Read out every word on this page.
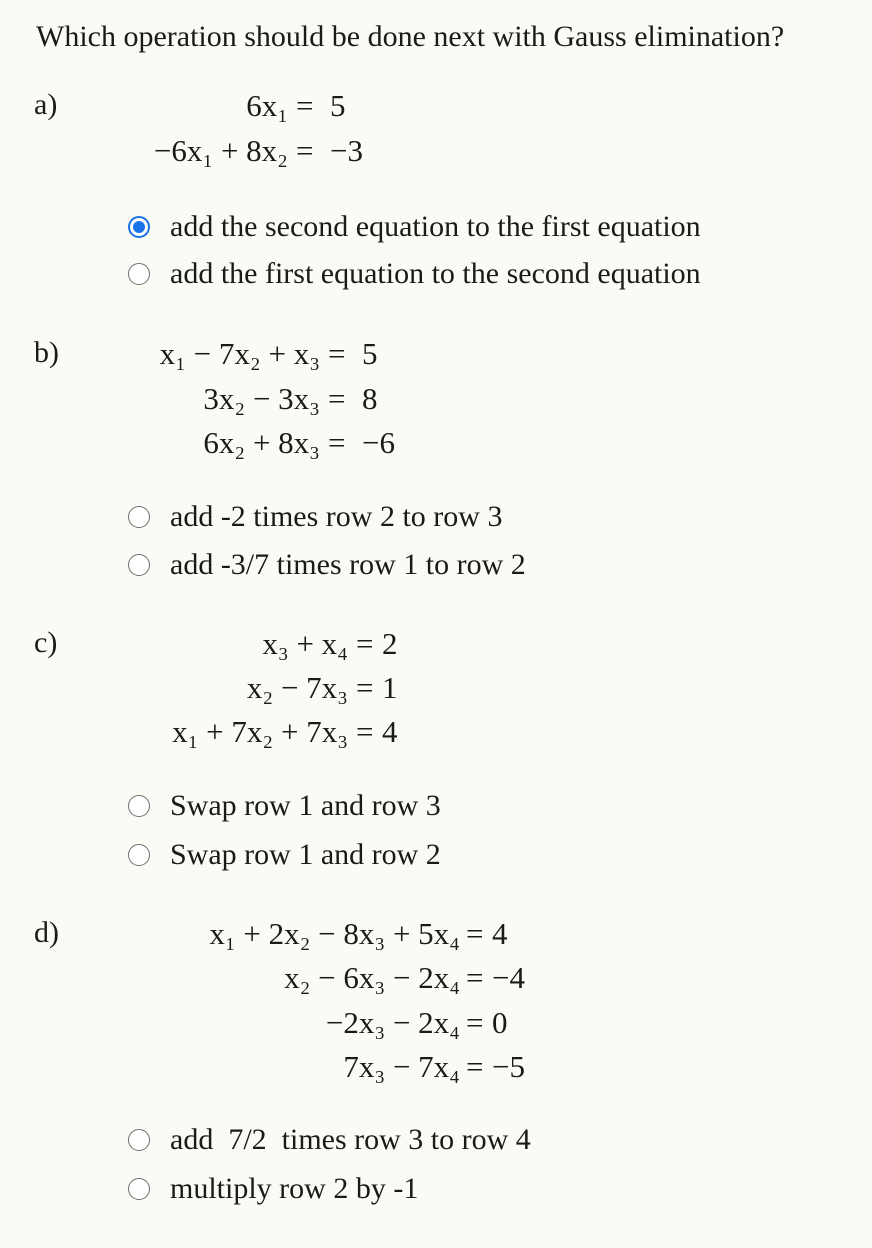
Which operation should be done next with Gauss elimination?
a)	6x₁ = 5
−6x₁ + 8x₂ = −3
add the second equation to the first equation
add the first equation to the second equation
b)	x₁ − 7x₂ + x₃ = 5
3x₂ − 3x₃ = 8
6x₂ + 8x₃ = −6
add -2 times row 2 to row 3
add -3/7 times row 1 to row 2
c)	x₃ + x₄ = 2
x₂ − 7x₃ = 1
x₁ + 7x₂ + 7x₃ = 4
Swap row 1 and row 3
Swap row 1 and row 2
d)	x₁ + 2x₂ − 8x₃ + 5x₄ = 4
x₂ − 6x₃ − 2x₄ = −4
−2x₃ − 2x₄ = 0
7x₃ − 7x₄ = −5
add  7/2  times row 3 to row 4
multiply row 2 by -1
